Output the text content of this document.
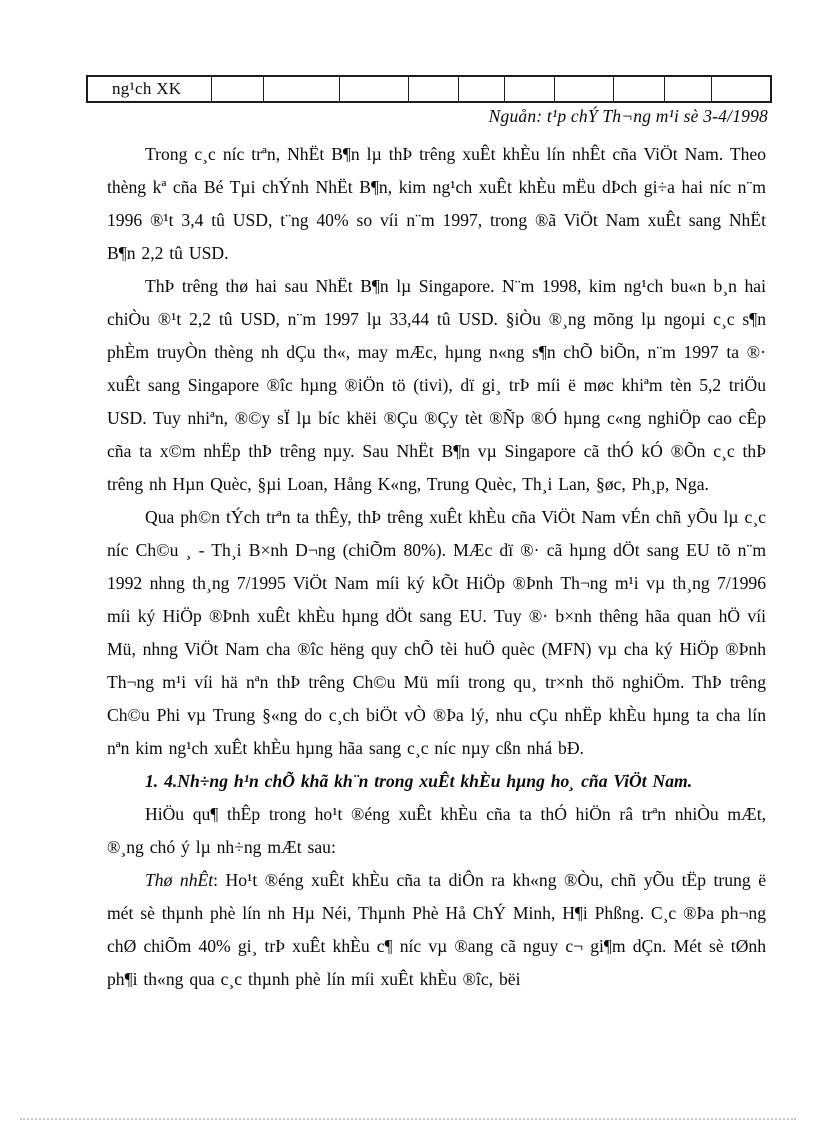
ng¹ch XK
Nguån: t¹p chÝ Th¬ng m¹i sè 3-4/1998

Trong c¸c níc trªn, NhËt B¶n lµ thÞ trêng xuÊt khÈu lín nhÊt cña ViÖt Nam. Theo thèng kª cña Bé Tµi chÝnh NhËt B¶n, kim ng¹ch xuÊt khÈu mËu dÞch gi÷a hai níc n¨m 1996 ®¹t 3,4 tû USD, t¨ng 40% so víi n¨m 1997, trong ®ã ViÖt Nam xuÊt sang NhËt B¶n 2,2 tû USD.

ThÞ trêng thø hai sau NhËt B¶n lµ Singapore. N¨m 1998, kim ng¹ch bu«n b¸n hai chiÒu ®¹t 2,2 tû USD, n¨m 1997 lµ 33,44 tû USD. §iÒu ®¸ng mõng lµ ngoµi c¸c s¶n phÈm truyÒn thèng nh dÇu th«, may mÆc, hµng n«ng s¶n chÕ biÕn, n¨m 1997 ta ®· xuÊt sang Singapore ®îc hµng ®iÖn tö (tivi), dï gi¸ trÞ míi ë møc khiªm tèn 5,2 triÖu USD. Tuy nhiªn, ®©y sÏ lµ bíc khëi ®Çu ®Çy tèt ®Ñp ®Ó hµng c«ng nghiÖp cao cÊp cña ta x©m nhËp thÞ trêng nµy. Sau NhËt B¶n vµ Singapore cã thÓ kÓ ®Õn c¸c thÞ trêng nh Hµn Quèc, §µi Loan, Hång K«ng, Trung Quèc, Th¸i Lan, §øc, Ph¸p, Nga.

Qua ph©n tÝch trªn ta thÊy, thÞ trêng xuÊt khÈu cña ViÖt Nam vÉn chñ yÕu lµ c¸c níc Ch©u ¸ - Th¸i B×nh D¬ng (chiÕm 80%). MÆc dï ®· cã hµng dÖt sang EU tõ n¨m 1992 nhng th¸ng 7/1995 ViÖt Nam míi ký kÕt HiÖp ®Þnh Th¬ng m¹i vµ th¸ng 7/1996 míi ký HiÖp ®Þnh xuÊt khÈu hµng dÖt sang EU. Tuy ®· b×nh thêng hãa quan hÖ víi Mü, nhng ViÖt Nam cha ®îc hëng quy chÕ tèi huÖ quèc (MFN) vµ cha ký HiÖp ®Þnh Th¬ng m¹i víi hä nªn thÞ trêng Ch©u Mü míi trong qu¸ tr×nh thö nghiÖm. ThÞ trêng Ch©u Phi vµ Trung §«ng do c¸ch biÖt vÒ ®Þa lý, nhu cÇu nhËp khÈu hµng ta cha lín nªn kim ng¹ch xuÊt khÈu hµng hãa sang c¸c níc nµy cßn nhá bÐ.

1. 4.Nh÷ng h¹n chÕ khã kh¨n trong xuÊt khÈu hµng ho¸ cña ViÖt Nam.

HiÖu qu¶ thÊp trong ho¹t ®éng xuÊt khÈu cña ta thÓ hiÖn râ trªn nhiÒu mÆt, ®¸ng chó ý lµ nh÷ng mÆt sau:

Thø nhÊt: Ho¹t ®éng xuÊt khÈu cña ta diÔn ra kh«ng ®Òu, chñ yÕu tËp trung ë mét sè thµnh phè lín nh Hµ Néi, Thµnh Phè Hå ChÝ Minh, H¶i Phßng. C¸c ®Þa ph¬ng chØ chiÕm 40% gi¸ trÞ xuÊt khÈu c¶ níc vµ ®ang cã nguy c¬ gi¶m dÇn. Mét sè tØnh ph¶i th«ng qua c¸c thµnh phè lín míi xuÊt khÈu ®îc, bëi
